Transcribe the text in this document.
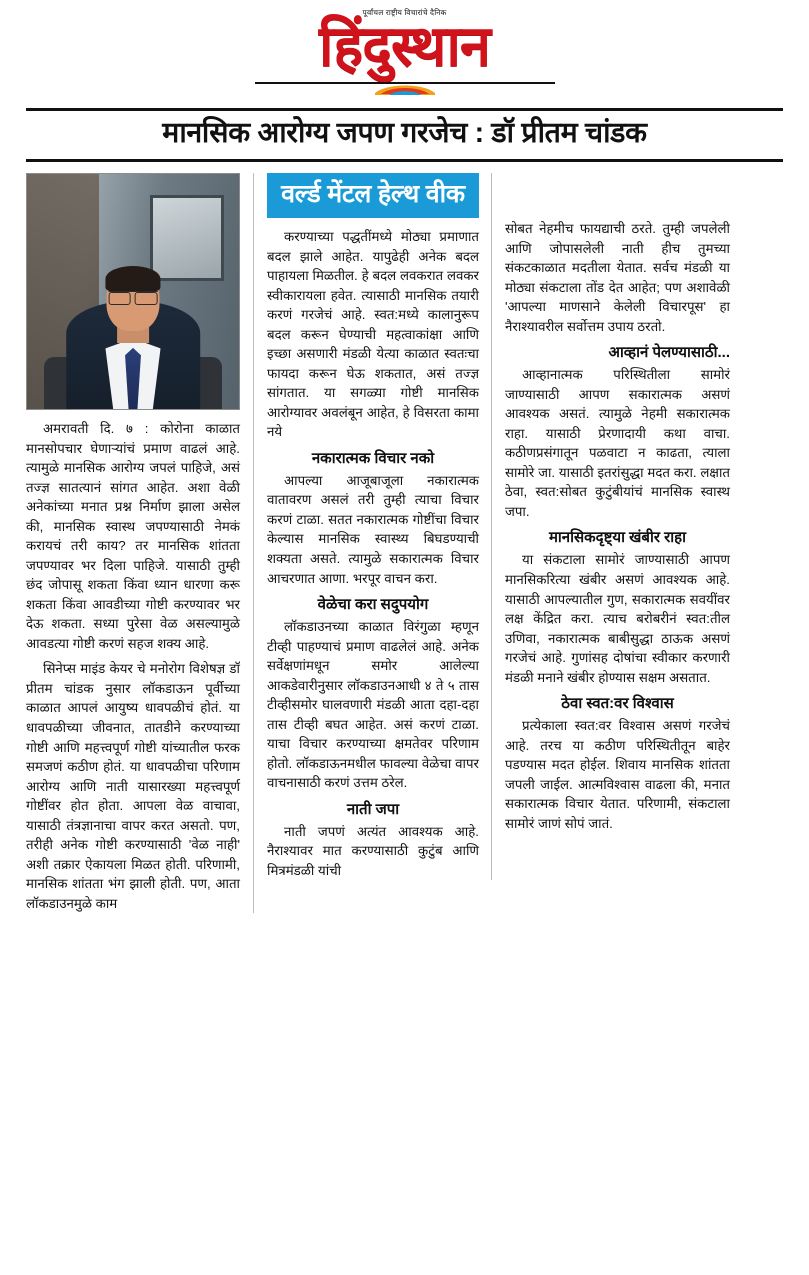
पूर्वांचल राष्ट्रीय विचारांचे दैनिक
हिंदुस्थान
मानसिक आरोग्य जपण गरजेच : डॉ प्रीतम चांडक

अमरावती दि. ७ : कोरोना काळात मानसोपचार घेणाऱ्यांचं प्रमाण वाढलं आहे. त्यामुळे मानसिक आरोग्य जपलं पाहिजे, असं तज्ज्ञ सातत्यानं सांगत आहेत. अशा वेळी अनेकांच्या मनात प्रश्न निर्माण झाला असेल की, मानसिक स्वास्थ जपण्यासाठी नेमकं करायचं तरी काय? तर मानसिक शांतता जपण्यावर भर दिला पाहिजे. यासाठी तुम्ही छंद जोपासू शकता किंवा ध्यान धारणा करू शकता किंवा आवडीच्या गोष्टी करण्यावर भर देऊ शकता. सध्या पुरेसा वेळ असल्यामुळे आवडत्या गोष्टी करणं सहज शक्य आहे.

सिनेप्स माइंड केयर चे मनोरोग विशेषज्ञ डॉ प्रीतम चांडक नुसार लॉकडाऊन पूर्वीच्या काळात आपलं आयुष्य धावपळीचं होतं. या धावपळीच्या जीवनात, तातडीने करण्याच्या गोष्टी आणि महत्त्वपूर्ण गोष्टी यांच्यातील फरक समजणं कठीण होतं. या धावपळीचा परिणाम आरोग्य आणि नाती यासारख्या महत्त्वपूर्ण गोष्टींवर होत होता. आपला वेळ वाचावा, यासाठी तंत्रज्ञानाचा वापर करत असतो. पण, तरीही अनेक गोष्टी करण्यासाठी 'वेळ नाही' अशी तक्रार ऐकायला मिळत होती. परिणामी, मानसिक शांतता भंग झाली होती. पण, आता लॉकडाउनमुळे काम

वर्ल्ड मेंटल हेल्थ वीक

करण्याच्या पद्धतींमध्ये मोठ्या प्रमाणात बदल झाले आहेत. यापुढेही अनेक बदल पाहायला मिळतील. हे बदल लवकरात लवकर स्वीकारायला हवेत. त्यासाठी मानसिक तयारी करणं गरजेचं आहे. स्वत:मध्ये कालानुरूप बदल करून घेण्याची महत्वाकांक्षा आणि इच्छा असणारी मंडळी येत्या काळात स्वतःचा फायदा करून घेऊ शकतात, असं तज्ज्ञ सांगतात. या सगळ्या गोष्टी मानसिक आरोग्यावर अवलंबून आहेत, हे विसरता कामा नये

नकारात्मक विचार नको

आपल्या आजूबाजूला नकारात्मक वातावरण असलं तरी तुम्ही त्याचा विचार करणं टाळा. सतत नकारात्मक गोष्टींचा विचार केल्यास मानसिक स्वास्थ्य बिघडण्याची शक्यता असते. त्यामुळे सकारात्मक विचार आचरणात आणा. भरपूर वाचन करा.

वेळेचा करा सदुपयोग

लॉकडाउनच्या काळात विरंगुळा म्हणून टीव्ही पाहण्याचं प्रमाण वाढलेलं आहे. अनेक सर्वेक्षणांमधून समोर आलेल्या आकडेवारीनुसार लॉकडाउनआधी ४ ते ५ तास टीव्हीसमोर घालवणारी मंडळी आता दहा-दहा तास टीव्ही बघत आहेत. असं करणं टाळा. याचा विचार करण्याच्या क्षमतेवर परिणाम होतो. लॉकडाऊनमधील फावल्या वेळेचा वापर वाचनासाठी करणं उत्तम ठरेल.

नाती जपा

नाती जपणं अत्यंत आवश्यक आहे. नैराश्यावर मात करण्यासाठी कुटुंब आणि मित्रमंडळी यांची

सोबत नेहमीच फायद्याची ठरते. तुम्ही जपलेली आणि जोपासलेली नाती हीच तुमच्या संकटकाळात मदतीला येतात. सर्वच मंडळी या मोठ्या संकटाला तोंड देत आहेत; पण अशावेळी 'आपल्या माणसाने केलेली विचारपूस' हा नैराश्यावरील सर्वोत्तम उपाय ठरतो.

आव्हानं पेलण्यासाठी...

आव्हानात्मक परिस्थितीला सामोरं जाण्यासाठी आपण सकारात्मक असणं आवश्यक असतं. त्यामुळे नेहमी सकारात्मक राहा. यासाठी प्रेरणादायी कथा वाचा. कठीणप्रसंगातून पळवाटा न काढता, त्याला सामोरे जा. यासाठी इतरांसुद्धा मदत करा. लक्षात ठेवा, स्वत:सोबत कुटुंबीयांचं मानसिक स्वास्थ जपा.

मानसिकदृष्ट्या खंबीर राहा

या संकटाला सामोरं जाण्यासाठी आपण मानसिकरित्या खंबीर असणं आवश्यक आहे. यासाठी आपल्यातील गुण, सकारात्मक सवयींवर लक्ष केंद्रित करा. त्याच बरोबरीनं स्वत:तील उणिवा, नकारात्मक बाबीसुद्धा ठाऊक असणं गरजेचं आहे. गुणांसह दोषांचा स्वीकार करणारी मंडळी मनाने खंबीर होण्यास सक्षम असतात.

ठेवा स्वत:वर विश्वास

प्रत्येकाला स्वत:वर विश्वास असणं गरजेचं आहे. तरच या कठीण परिस्थितीतून बाहेर पडण्यास मदत होईल. शिवाय मानसिक शांतता जपली जाईल. आत्मविश्वास वाढला की, मनात सकारात्मक विचार येतात. परिणामी, संकटाला सामोरं जाणं सोपं जातं.
